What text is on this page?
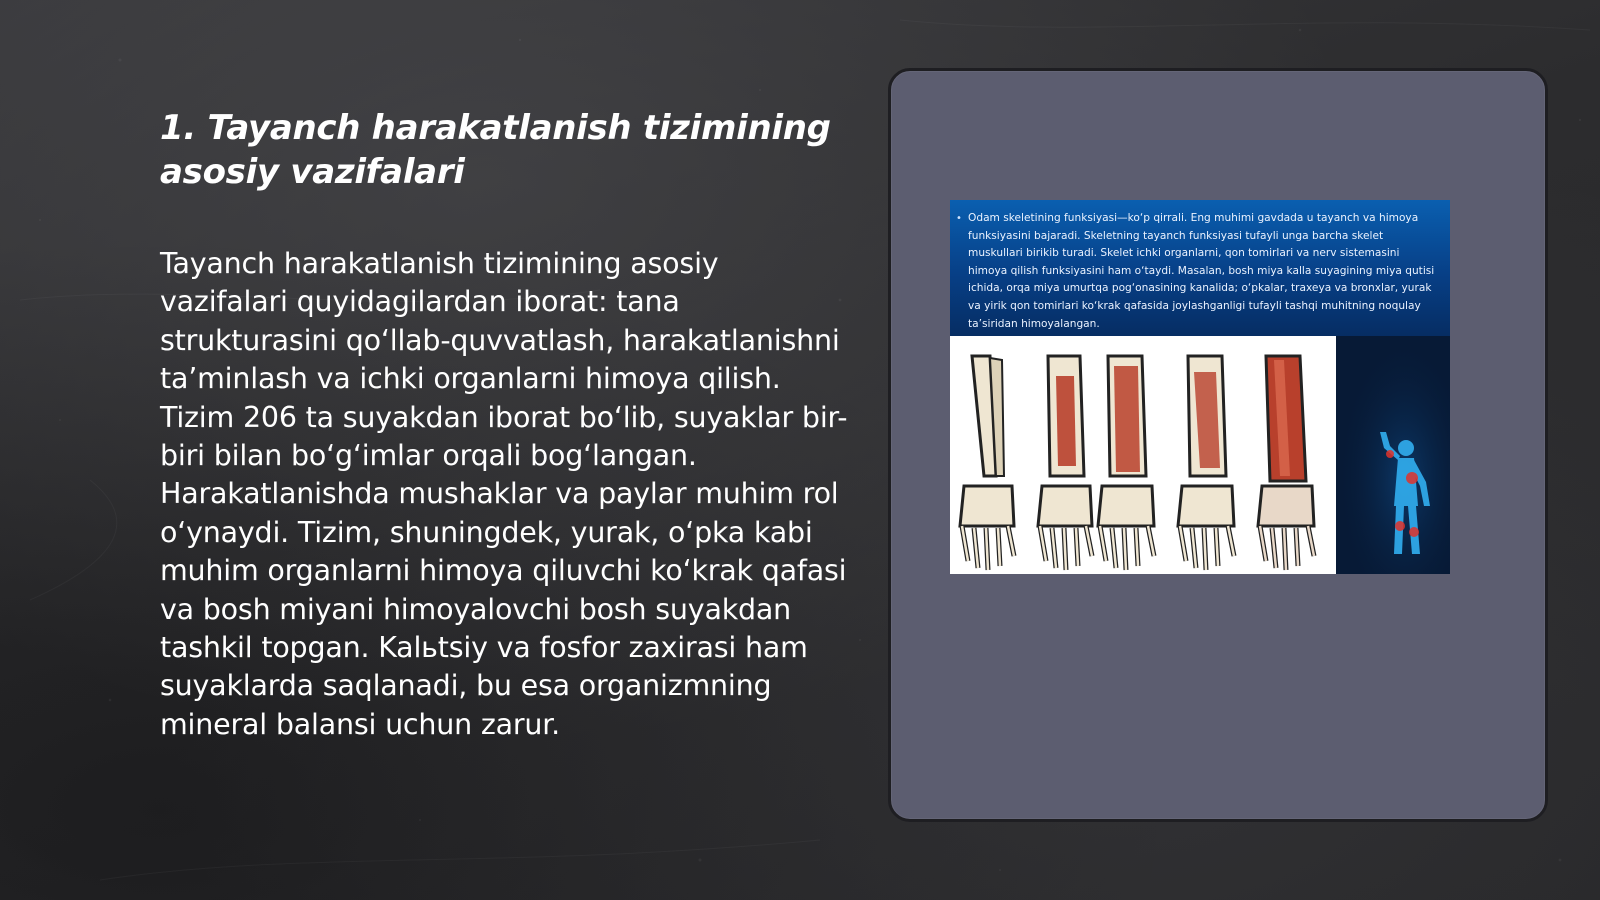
1. Tayanch harakatlanish tizimining asosiy vazifalari

Tayanch harakatlanish tizimining asosiy vazifalari quyidagilardan iborat: tana strukturasini qo‘llab-quvvatlash, harakatlanishni ta’minlash va ichki organlarni himoya qilish. Tizim 206 ta suyakdan iborat bo‘lib, suyaklar bir-biri bilan bo‘g‘imlar orqali bog‘langan. Harakatlanishda mushaklar va paylar muhim rol o‘ynaydi. Tizim, shuningdek, yurak, o‘pka kabi muhim organlarni himoya qiluvchi ko‘krak qafasi va bosh miyani himoyalovchi bosh suyakdan tashkil topgan. Kalьtsiy va fosfor zaxirasi ham suyaklarda saqlanadi, bu esa organizmning mineral balansi uchun zarur.

• Odam skeletining funksiyasi—ko‘p qirrali. Eng muhimi gavdada u tayanch va himoya funksiyasini bajaradi. Skeletning tayanch funksiyasi tufayli unga barcha skelet muskullari birikib turadi. Skelet ichki organlarni, qon tomirlari va nerv sistemasini himoya qilish funksiyasini ham o‘taydi. Masalan, bosh miya kalla suyagining miya qutisi ichida, orqa miya umurtqa pog‘onasining kanalida; o‘pkalar, traxeya va bronxlar, yurak va yirik qon tomirlari ko‘krak qafasida joylashganligi tufayli tashqi muhitning noqulay ta’siridan himoyalangan.
